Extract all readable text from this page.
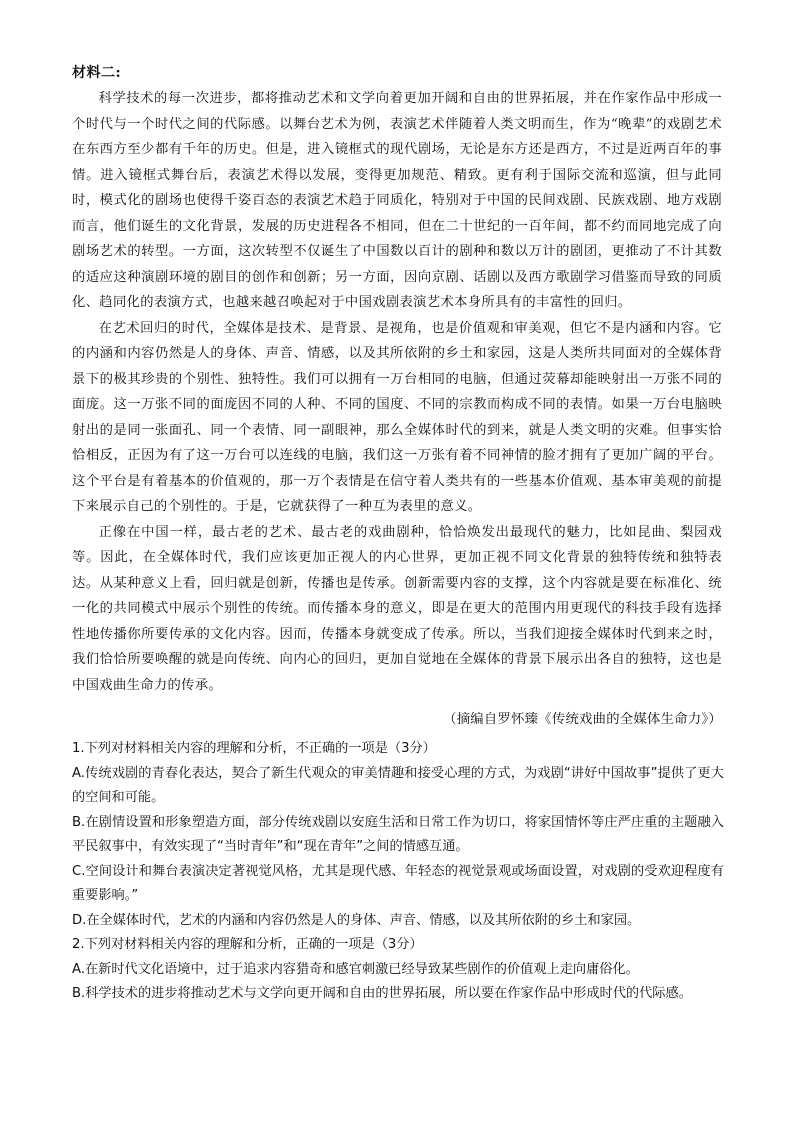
材料二:

科学技术的每一次进步，都将推动艺术和文学向着更加开阔和自由的世界拓展，并在作家作品中形成一个时代与一个时代之间的代际感。以舞台艺术为例，表演艺术伴随着人类文明而生，作为“晚辈”的戏剧艺术在东西方至少都有千年的历史。但是，进入镜框式的现代剧场，无论是东方还是西方，不过是近两百年的事情。进入镜框式舞台后，表演艺术得以发展，变得更加规范、精致。更有利于国际交流和巡演，但与此同时，模式化的剧场也使得千姿百态的表演艺术趋于同质化，特别对于中国的民间戏剧、民族戏剧、地方戏剧而言，他们诞生的文化背景，发展的历史进程各不相同，但在二十世纪的一百年间，都不约而同地完成了向剧场艺术的转型。一方面，这次转型不仅诞生了中国数以百计的剧种和数以万计的剧团，更推动了不计其数的适应这种演剧环境的剧目的创作和创新；另一方面，因向京剧、话剧以及西方歌剧学习借鉴而导致的同质化、趋同化的表演方式，也越来越召唤起对于中国戏剧表演艺术本身所具有的丰富性的回归。

在艺术回归的时代，全媒体是技术、是背景、是视角，也是价值观和审美观，但它不是内涵和内容。它的内涵和内容仍然是人的身体、声音、情感，以及其所依附的乡土和家园，这是人类所共同面对的全媒体背景下的极其珍贵的个别性、独特性。我们可以拥有一万台相同的电脑，但通过荧幕却能映射出一万张不同的面庞。这一万张不同的面庞因不同的人种、不同的国度、不同的宗教而构成不同的表情。如果一万台电脑映射出的是同一张面孔、同一个表情、同一副眼神，那么全媒体时代的到来，就是人类文明的灾难。但事实恰恰相反，正因为有了这一万台可以连线的电脑，我们这一万张有着不同神情的脸才拥有了更加广阔的平台。这个平台是有着基本的价值观的，那一万个表情是在信守着人类共有的一些基本价值观、基本审美观的前提下来展示自己的个别性的。于是，它就获得了一种互为表里的意义。

正像在中国一样，最古老的艺术、最古老的戏曲剧种，恰恰焕发出最现代的魅力，比如昆曲、梨园戏等。因此，在全媒体时代，我们应该更加正视人的内心世界，更加正视不同文化背景的独特传统和独特表达。从某种意义上看，回归就是创新，传播也是传承。创新需要内容的支撑，这个内容就是要在标准化、统一化的共同模式中展示个别性的传统。而传播本身的意义，即是在更大的范围内用更现代的科技手段有选择性地传播你所要传承的文化内容。因而，传播本身就变成了传承。所以，当我们迎接全媒体时代到来之时，我们恰恰所要唤醒的就是向传统、向内心的回归，更加自觉地在全媒体的背景下展示出各自的独特，这也是中国戏曲生命力的传承。

（摘编自罗怀臻《传统戏曲的全媒体生命力》）

1.下列对材料相关内容的理解和分析，不正确的一项是（3分）

A.传统戏剧的青春化表达，契合了新生代观众的审美情趣和接受心理的方式，为戏剧“讲好中国故事”提供了更大的空间和可能。

B.在剧情设置和形象塑造方面，部分传统戏剧以安庭生活和日常工作为切口，将家国情怀等庄严庄重的主题融入平民叙事中，有效实现了“当时青年”和“现在青年”之间的情感互通。

C.空间设计和舞台表演决定著视觉风格，尤其是现代感、年轻态的视觉景观或场面设置，对戏剧的受欢迎程度有重要影响。”

D.在全媒体时代，艺术的内涵和内容仍然是人的身体、声音、情感，以及其所依附的乡土和家园。

2.下列对材料相关内容的理解和分析，正确的一项是（3分）

A.在新时代文化语境中，过于追求内容猎奇和感官刺激已经导致某些剧作的价值观上走向庸俗化。

B.科学技术的进步将推动艺术与文学向更开阔和自由的世界拓展，所以要在作家作品中形成时代的代际感。
